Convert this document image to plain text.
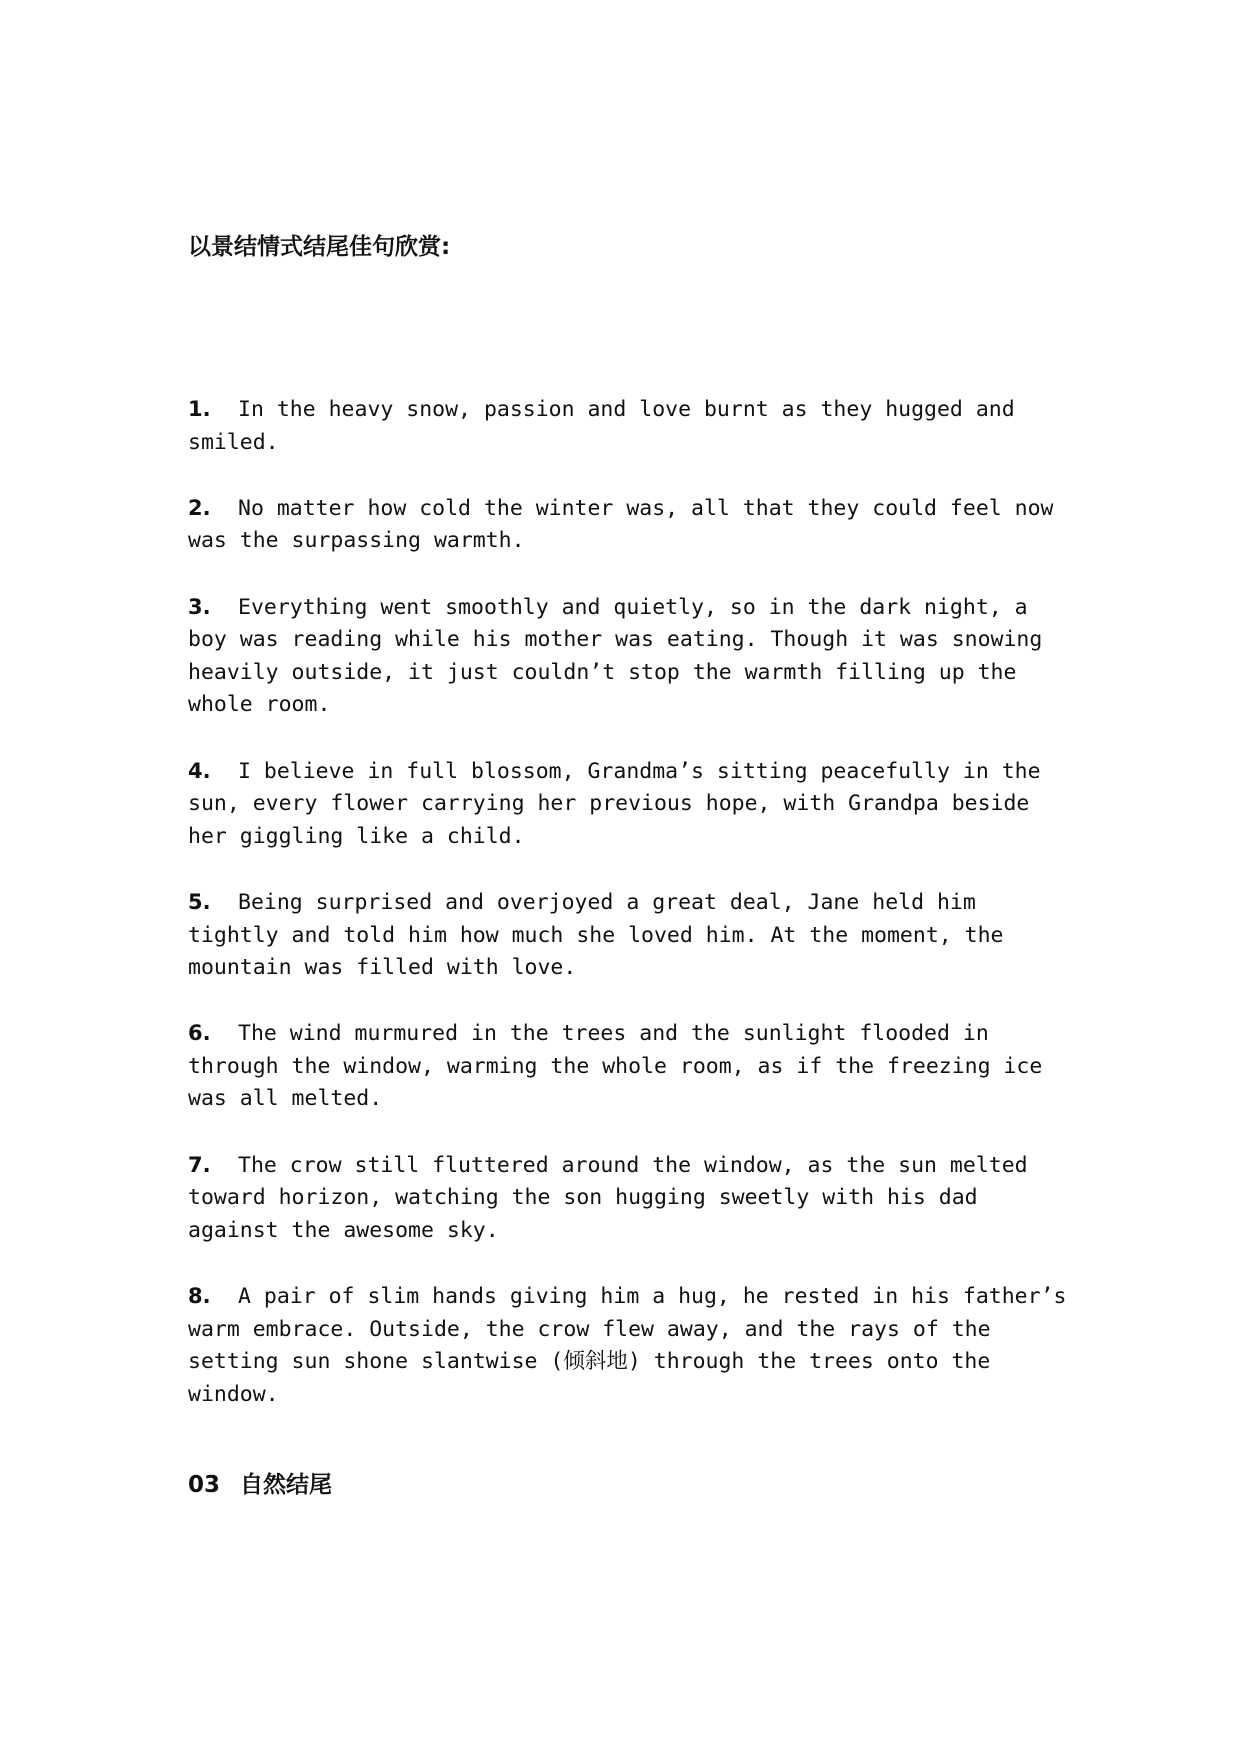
以景结情式结尾佳句欣赏:
1. In the heavy snow, passion and love burnt as they hugged and smiled.
2. No matter how cold the winter was, all that they could feel now was the surpassing warmth.
3. Everything went smoothly and quietly, so in the dark night, a boy was reading while his mother was eating. Though it was snowing heavily outside, it just couldn’t stop the warmth filling up the whole room.
4. I believe in full blossom, Grandma’s sitting peacefully in the sun, every flower carrying her previous hope, with Grandpa beside her giggling like a child.
5. Being surprised and overjoyed a great deal, Jane held him tightly and told him how much she loved him. At the moment, the mountain was filled with love.
6. The wind murmured in the trees and the sunlight flooded in through the window, warming the whole room, as if the freezing ice was all melted.
7. The crow still fluttered around the window, as the sun melted toward horizon, watching the son hugging sweetly with his dad against the awesome sky.
8. A pair of slim hands giving him a hug, he rested in his father’s warm embrace. Outside, the crow flew away, and the rays of the setting sun shone slantwise (倾斜地) through the trees onto the window.
03 自然结尾
